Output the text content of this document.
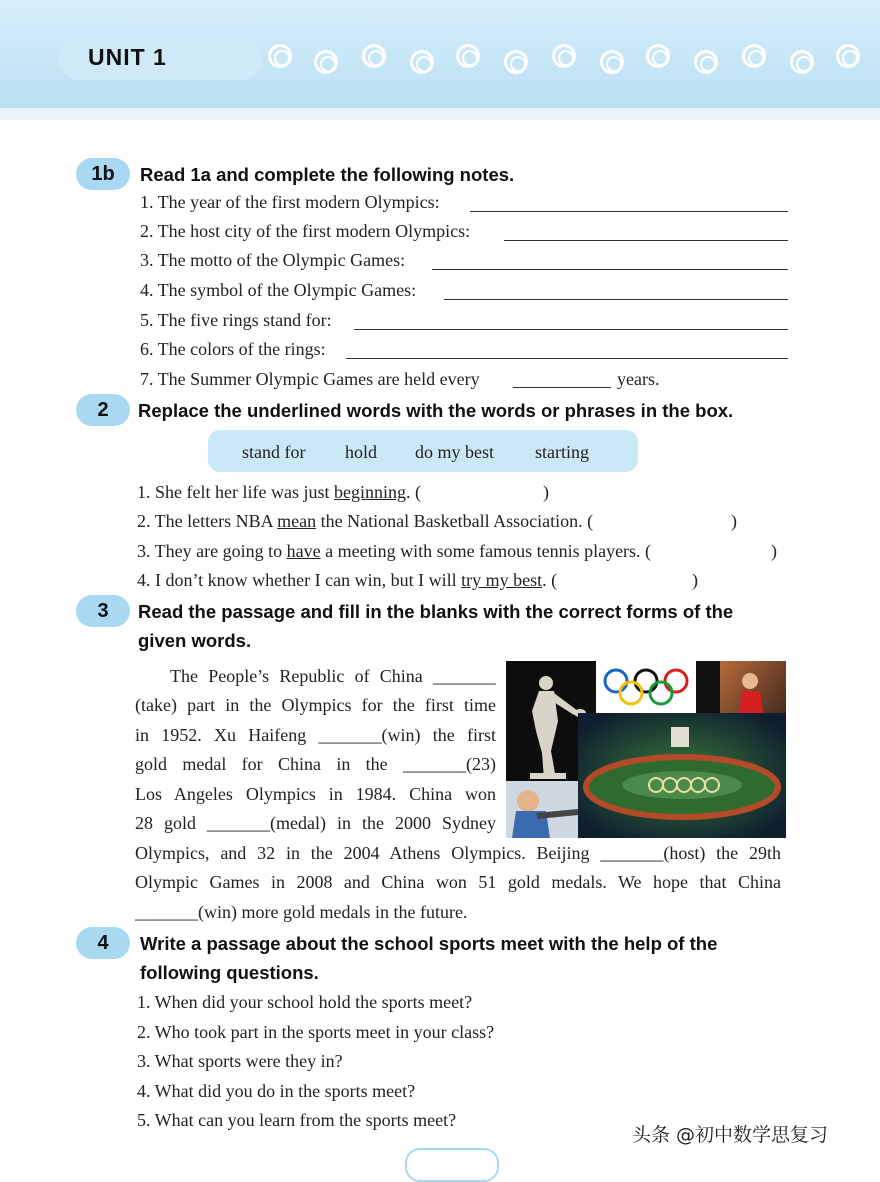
UNIT 1
1b	Read 1a and complete the following notes.
1. The year of the first modern Olympics:
2. The host city of the first modern Olympics:
3. The motto of the Olympic Games:
4. The symbol of the Olympic Games:
5. The five rings stand for:
6. The colors of the rings:
7. The Summer Olympic Games are held every	years.
2	Replace the underlined words with the words or phrases in the box.
stand for hold do my best starting
1. She felt her life was just beginning. (	)
2. The letters NBA mean the National Basketball Association. (	)
3. They are going to have a meeting with some famous tennis players. (	)
4. I don’t know whether I can win, but I will try my best. (	)
3	Read the passage and fill in the blanks with the correct forms of the
given words.
The People’s Republic of China _______
(take) part in the Olympics for the first time
in 1952. Xu Haifeng _______(win) the first
gold medal for China in the _______(23)
Los Angeles Olympics in 1984. China won
28 gold _______(medal) in the 2000 Sydney
Olympics, and 32 in the 2004 Athens Olympics. Beijing _______(host) the 29th
Olympic Games in 2008 and China won 51 gold medals. We hope that China
_______(win) more gold medals in the future.
4	Write a passage about the school sports meet with the help of the
following questions.
1. When did your school hold the sports meet?
2. Who took part in the sports meet in your class?
3. What sports were they in?
4. What did you do in the sports meet?
5. What can you learn from the sports meet?
头条 @初中数学思复习
